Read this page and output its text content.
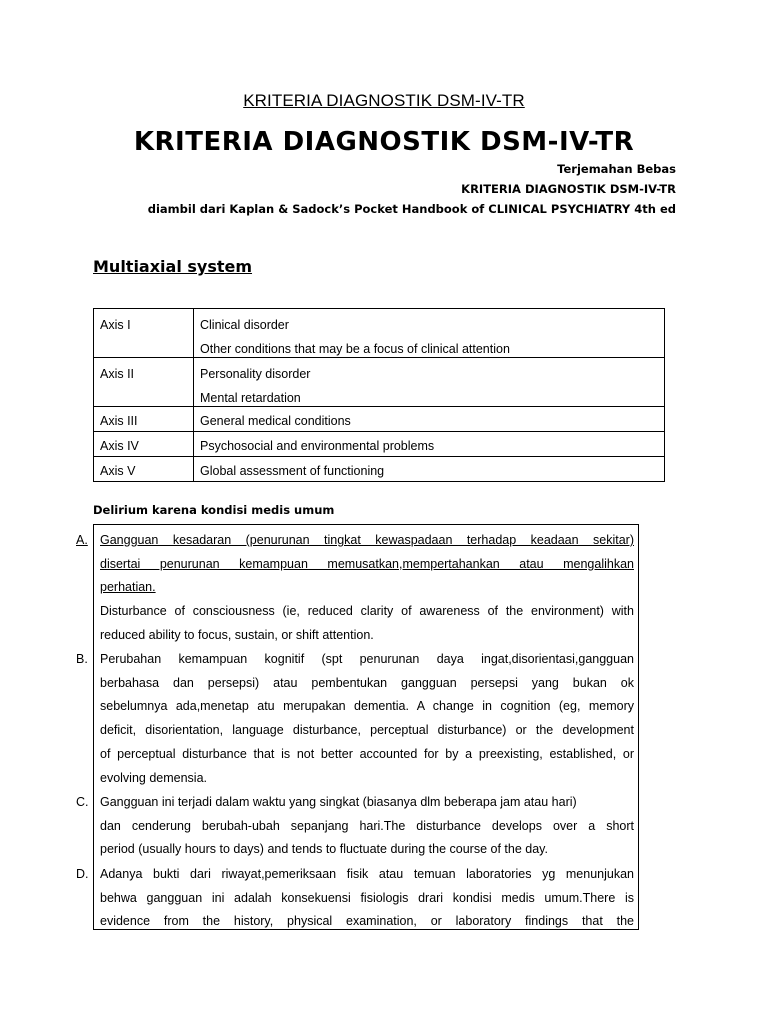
KRITERIA DIAGNOSTIK DSM-IV-TR
KRITERIA DIAGNOSTIK DSM-IV-TR
Terjemahan Bebas
KRITERIA DIAGNOSTIK DSM-IV-TR
diambil dari Kaplan & Sadock’s Pocket Handbook of CLINICAL PSYCHIATRY 4th ed
Multiaxial system
Axis I	Clinical disorder
Other conditions that may be a focus of clinical attention

Axis II	Personality disorder
Mental retardation

Axis III	General medical conditions

Axis IV	Psychosocial and environmental problems

Axis V	Global assessment of functioning
Delirium karena kondisi medis umum
A. Gangguan kesadaran (penurunan tingkat kewaspadaan terhadap keadaan sekitar)
disertai penurunan kemampuan memusatkan,mempertahankan atau mengalihkan
perhatian.
Disturbance of consciousness (ie, reduced clarity of awareness of the environment) with
reduced ability to focus, sustain, or shift attention.
B. Perubahan kemampuan kognitif (spt penurunan daya ingat,disorientasi,gangguan
berbahasa dan persepsi) atau pembentukan gangguan persepsi yang bukan ok
sebelumnya ada,menetap atu merupakan dementia. A change in cognition (eg, memory
deficit, disorientation, language disturbance, perceptual disturbance) or the development
of perceptual disturbance that is not better accounted for by a preexisting, established, or
evolving demensia.
C. Gangguan ini terjadi dalam waktu yang singkat (biasanya dlm beberapa jam atau hari)
dan cenderung berubah-ubah sepanjang hari.The disturbance develops over a short
period (usually hours to days) and tends to fluctuate during the course of the day.
D. Adanya bukti dari riwayat,pemeriksaan fisik atau temuan laboratories yg menunjukan
behwa gangguan ini adalah konsekuensi fisiologis drari kondisi medis umum.There is
evidence from the history, physical examination, or laboratory findings that the
